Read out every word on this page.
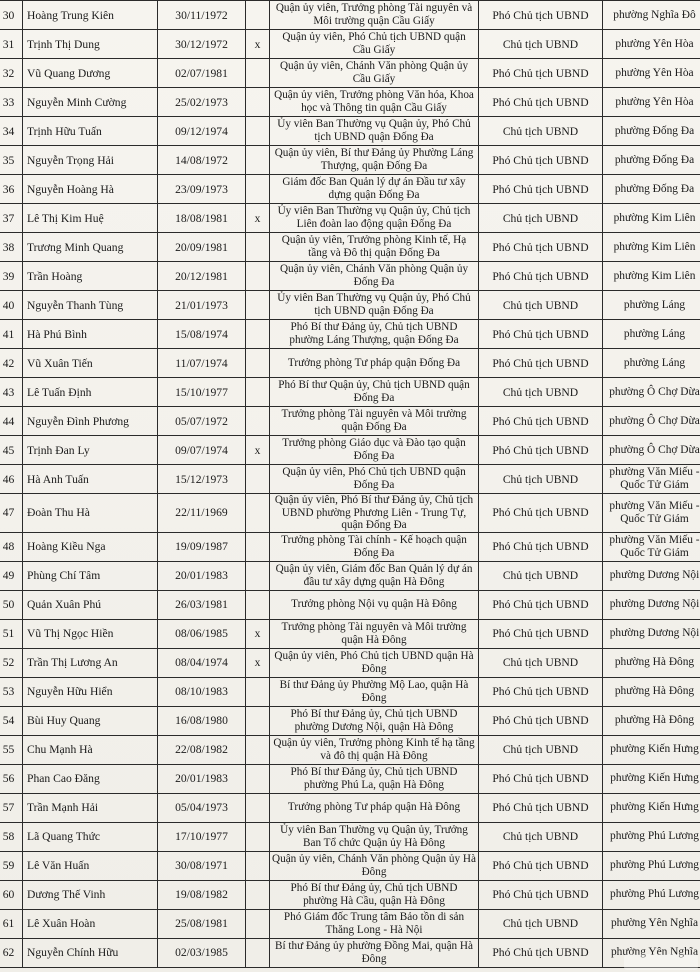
30	Hoàng Trung Kiên	30/11/1972		Quận ủy viên, Trưởng phòng Tài nguyên và Môi trường quận Cầu Giấy	Phó Chủ tịch UBND	phường Nghĩa Đô
31	Trịnh Thị Dung	30/12/1972	x	Quận ủy viên, Phó Chủ tịch UBND quận Cầu Giấy	Chủ tịch UBND	phường Yên Hòa
32	Vũ Quang Dương	02/07/1981		Quận ủy viên, Chánh Văn phòng Quận ủy Cầu Giấy	Phó Chủ tịch UBND	phường Yên Hòa
33	Nguyễn Minh Cường	25/02/1973		Quận ủy viên, Trưởng phòng Văn hóa, Khoa học và Thông tin quận Cầu Giấy	Phó Chủ tịch UBND	phường Yên Hòa
34	Trịnh Hữu Tuấn	09/12/1974		Ủy viên Ban Thường vụ Quận ủy, Phó Chủ tịch UBND quận Đống Đa	Chủ tịch UBND	phường Đống Đa
35	Nguyễn Trọng Hải	14/08/1972		Quận ủy viên, Bí thư Đảng ủy Phường Láng Thượng, quận Đống Đa	Phó Chủ tịch UBND	phường Đống Đa
36	Nguyễn Hoàng Hà	23/09/1973		Giám đốc Ban Quản lý dự án Đầu tư xây dựng quận Đống Đa	Phó Chủ tịch UBND	phường Đống Đa
37	Lê Thị Kim Huệ	18/08/1981	x	Ủy viên Ban Thường vụ Quận ủy, Chủ tịch Liên đoàn lao động quận Đống Đa	Chủ tịch UBND	phường Kim Liên
38	Trương Minh Quang	20/09/1981		Quận ủy viên, Trưởng phòng Kinh tế, Hạ tầng và Đô thị quận Đống Đa	Phó Chủ tịch UBND	phường Kim Liên
39	Trần Hoàng	20/12/1981		Quận ủy viên, Chánh Văn phòng Quận ủy Đống Đa	Phó Chủ tịch UBND	phường Kim Liên
40	Nguyễn Thanh Tùng	21/01/1973		Ủy viên Ban Thường vụ Quận ủy, Phó Chủ tịch UBND quận Đống Đa	Chủ tịch UBND	phường Láng
41	Hà Phú Bình	15/08/1974		Phó Bí thư Đảng ủy, Chủ tịch UBND phường Láng Thượng, quận Đống Đa	Phó Chủ tịch UBND	phường Láng
42	Vũ Xuân Tiến	11/07/1974		Trưởng phòng Tư pháp quận Đống Đa	Phó Chủ tịch UBND	phường Láng
43	Lê Tuấn Định	15/10/1977		Phó Bí thư Quận ủy, Chủ tịch UBND quận Đống Đa	Chủ tịch UBND	phường Ô Chợ Dừa
44	Nguyễn Đình Phương	05/07/1972		Trưởng phòng Tài nguyên và Môi trường quận Đống Đa	Phó Chủ tịch UBND	phường Ô Chợ Dừa
45	Trịnh Đan Ly	09/07/1974	x	Trưởng phòng Giáo dục và Đào tạo quận Đống Đa	Phó Chủ tịch UBND	phường Ô Chợ Dừa
46	Hà Anh Tuấn	15/12/1973		Quận ủy viên, Phó Chủ tịch UBND quận Đống Đa	Chủ tịch UBND	phường Văn Miếu - Quốc Tử Giám
47	Đoàn Thu Hà	22/11/1969		Quận ủy viên, Phó Bí thư Đảng ủy, Chủ tịch UBND phường Phương Liên - Trung Tự, quận Đống Đa	Phó Chủ tịch UBND	phường Văn Miếu - Quốc Tử Giám
48	Hoàng Kiều Nga	19/09/1987		Trưởng phòng Tài chính - Kế hoạch quận Đống Đa	Phó Chủ tịch UBND	phường Văn Miếu - Quốc Tử Giám
49	Phùng Chí Tâm	20/01/1983		Quận ủy viên, Giám đốc Ban Quản lý dự án đầu tư xây dựng quận Hà Đông	Chủ tịch UBND	phường Dương Nội
50	Quản Xuân Phú	26/03/1981		Trưởng phòng Nội vụ quận Hà Đông	Phó Chủ tịch UBND	phường Dương Nội
51	Vũ Thị Ngọc Hiền	08/06/1985	x	Trưởng phòng Tài nguyên và Môi trường quận Hà Đông	Phó Chủ tịch UBND	phường Dương Nội
52	Trần Thị Lương An	08/04/1974	x	Quận ủy viên, Phó Chủ tịch UBND quận Hà Đông	Chủ tịch UBND	phường Hà Đông
53	Nguyễn Hữu Hiển	08/10/1983		Bí thư Đảng ủy Phường Mộ Lao, quận Hà Đông	Phó Chủ tịch UBND	phường Hà Đông
54	Bùi Huy Quang	16/08/1980		Phó Bí thư Đảng ủy, Chủ tịch UBND phường Dương Nội, quận Hà Đông	Phó Chủ tịch UBND	phường Hà Đông
55	Chu Mạnh Hà	22/08/1982		Quận ủy viên, Trưởng phòng Kinh tế hạ tầng và đô thị quận Hà Đông	Chủ tịch UBND	phường Kiến Hưng
56	Phan Cao Đăng	20/01/1983		Phó Bí thư Đảng ủy, Chủ tịch UBND phường Phú La, quận Hà Đông	Phó Chủ tịch UBND	phường Kiến Hưng
57	Trần Mạnh Hải	05/04/1973		Trưởng phòng Tư pháp quận Hà Đông	Phó Chủ tịch UBND	phường Kiến Hưng
58	Lã Quang Thức	17/10/1977		Ủy viên Ban Thường vụ Quận ủy, Trưởng Ban Tổ chức Quận ủy Hà Đông	Chủ tịch UBND	phường Phú Lương
59	Lê Văn Huấn	30/08/1971		Quận ủy viên, Chánh Văn phòng Quận ủy Hà Đông	Phó Chủ tịch UBND	phường Phú Lương
60	Dương Thế Vinh	19/08/1982		Phó Bí thư Đảng ủy, Chủ tịch UBND phường Hà Cầu, quận Hà Đông	Phó Chủ tịch UBND	phường Phú Lương
61	Lê Xuân Hoàn	25/08/1981		Phó Giám đốc Trung tâm Bảo tồn di sản Thăng Long - Hà Nội	Chủ tịch UBND	phường Yên Nghĩa
62	Nguyễn Chính Hữu	02/03/1985		Bí thư Đảng ủy phường Đồng Mai, quận Hà Đông	Phó Chủ tịch UBND	phường Yên Nghĩa
